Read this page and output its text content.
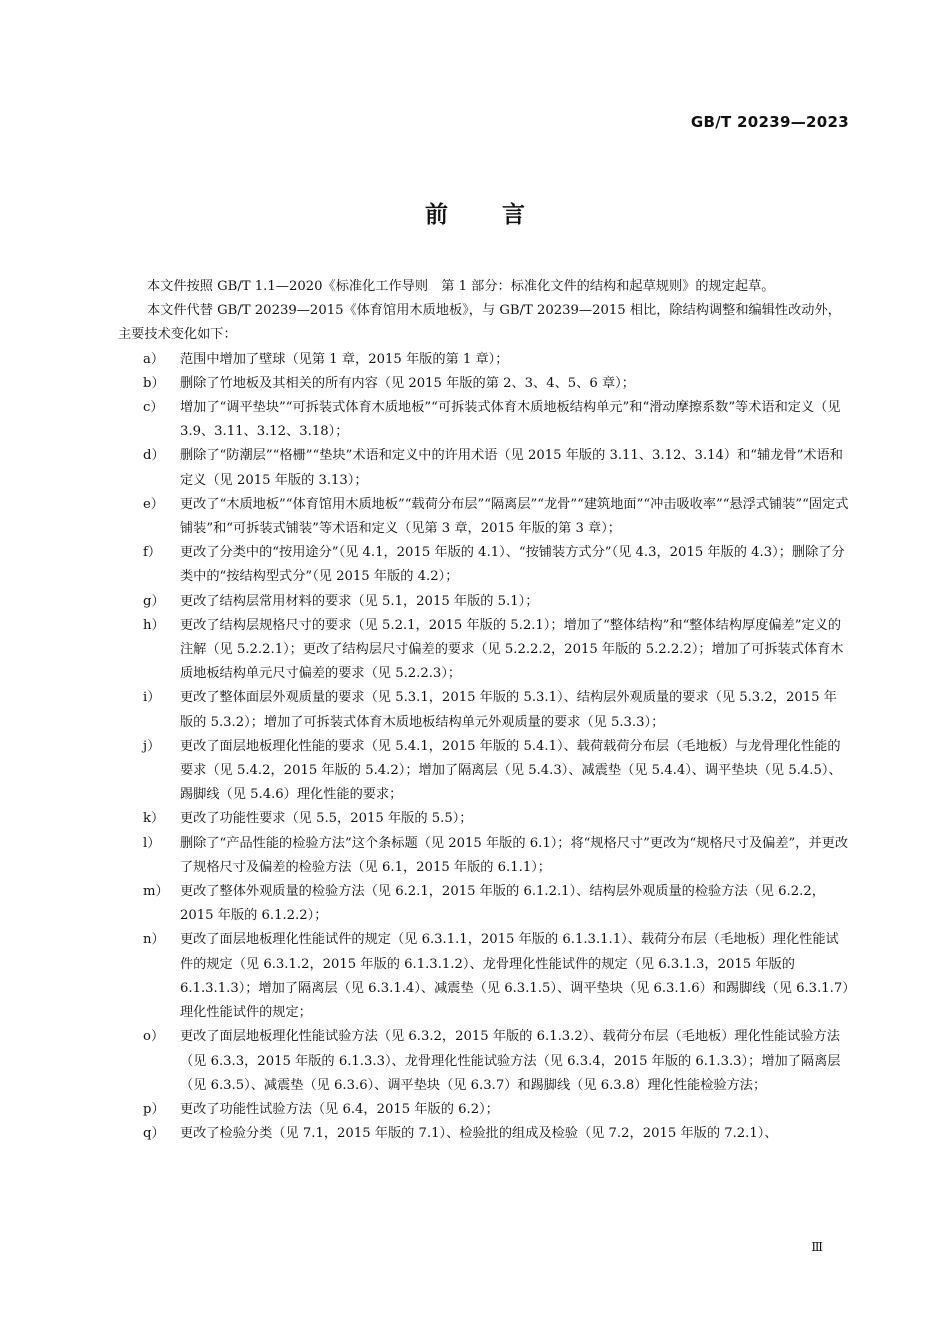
GB/T 20239—2023
前 言

本文件按照 GB/T 1.1—2020《标准化工作导则　第 1 部分：标准化文件的结构和起草规则》的规定起草。

本文件代替 GB/T 20239—2015《体育馆用木质地板》，与 GB/T 20239—2015 相比，除结构调整和编辑性改动外，主要技术变化如下：

a）	范围中增加了壁球（见第 1 章，2015 年版的第 1 章）；
b）	删除了竹地板及其相关的所有内容（见 2015 年版的第 2、3、4、5、6 章）；
c）	增加了“调平垫块”“可拆装式体育木质地板”“可拆装式体育木质地板结构单元”和“滑动摩擦系数”等术语和定义（见 3.9、3.11、3.12、3.18）；
d）	删除了“防潮层”“格栅”“垫块”术语和定义中的许用术语（见 2015 年版的 3.11、3.12、3.14）和“辅龙骨”术语和定义（见 2015 年版的 3.13）；
e）	更改了“木质地板”“体育馆用木质地板”“载荷分布层”“隔离层”“龙骨”“建筑地面”“冲击吸收率”“悬浮式铺装”“固定式铺装”和“可拆装式铺装”等术语和定义（见第 3 章，2015 年版的第 3 章）；
f）	更改了分类中的“按用途分”（见 4.1，2015 年版的 4.1）、“按铺装方式分”（见 4.3，2015 年版的 4.3）；删除了分类中的“按结构型式分”（见 2015 年版的 4.2）；
g）	更改了结构层常用材料的要求（见 5.1，2015 年版的 5.1）；
h）	更改了结构层规格尺寸的要求（见 5.2.1，2015 年版的 5.2.1）；增加了“整体结构”和“整体结构厚度偏差”定义的注解（见 5.2.2.1）；更改了结构层尺寸偏差的要求（见 5.2.2.2，2015 年版的 5.2.2.2）；增加了可拆装式体育木质地板结构单元尺寸偏差的要求（见 5.2.2.3）；
i）	更改了整体面层外观质量的要求（见 5.3.1，2015 年版的 5.3.1）、结构层外观质量的要求（见 5.3.2，2015 年版的 5.3.2）；增加了可拆装式体育木质地板结构单元外观质量的要求（见 5.3.3）；
j）	更改了面层地板理化性能的要求（见 5.4.1，2015 年版的 5.4.1）、载荷载荷分布层（毛地板）与龙骨理化性能的要求（见 5.4.2，2015 年版的 5.4.2）；增加了隔离层（见 5.4.3）、减震垫（见 5.4.4）、调平垫块（见 5.4.5）、踢脚线（见 5.4.6）理化性能的要求；
k）	更改了功能性要求（见 5.5，2015 年版的 5.5）；
l）	删除了“产品性能的检验方法”这个条标题（见 2015 年版的 6.1）；将“规格尺寸”更改为“规格尺寸及偏差”，并更改了规格尺寸及偏差的检验方法（见 6.1，2015 年版的 6.1.1）；
m） 更改了整体外观质量的检验方法（见 6.2.1，2015 年版的 6.1.2.1）、结构层外观质量的检验方法（见 6.2.2，2015 年版的 6.1.2.2）；
n）	更改了面层地板理化性能试件的规定（见 6.3.1.1，2015 年版的 6.1.3.1.1）、载荷分布层（毛地板）理化性能试件的规定（见 6.3.1.2，2015 年版的 6.1.3.1.2）、龙骨理化性能试件的规定（见 6.3.1.3，2015 年版的 6.1.3.1.3）；增加了隔离层（见 6.3.1.4）、减震垫（见 6.3.1.5）、调平垫块（见 6.3.1.6）和踢脚线（见 6.3.1.7）理化性能试件的规定；
o）	更改了面层地板理化性能试验方法（见 6.3.2，2015 年版的 6.1.3.2）、载荷分布层（毛地板）理化性能试验方法（见 6.3.3，2015 年版的 6.1.3.3）、龙骨理化性能试验方法（见 6.3.4，2015 年版的 6.1.3.3）；增加了隔离层（见 6.3.5）、减震垫（见 6.3.6）、调平垫块（见 6.3.7）和踢脚线（见 6.3.8）理化性能检验方法；
p）	更改了功能性试验方法（见 6.4，2015 年版的 6.2）；
q）	更改了检验分类（见 7.1，2015 年版的 7.1）、检验批的组成及检验（见 7.2，2015 年版的 7.2.1）、
Ⅲ
